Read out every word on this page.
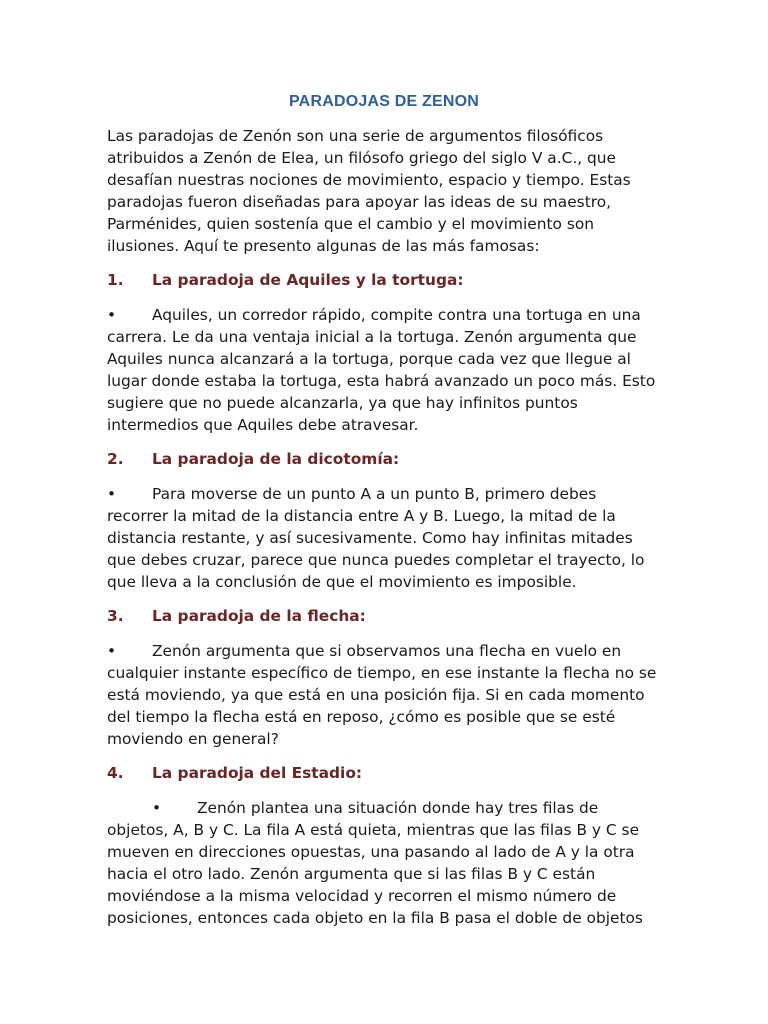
PARADOJAS DE ZENON

Las paradojas de Zenón son una serie de argumentos filosóficos atribuidos a Zenón de Elea, un filósofo griego del siglo V a.C., que desafían nuestras nociones de movimiento, espacio y tiempo. Estas paradojas fueron diseñadas para apoyar las ideas de su maestro, Parménides, quien sostenía que el cambio y el movimiento son ilusiones. Aquí te presento algunas de las más famosas:

1.	La paradoja de Aquiles y la tortuga:

• Aquiles, un corredor rápido, compite contra una tortuga en una carrera. Le da una ventaja inicial a la tortuga. Zenón argumenta que Aquiles nunca alcanzará a la tortuga, porque cada vez que llegue al lugar donde estaba la tortuga, esta habrá avanzado un poco más. Esto sugiere que no puede alcanzarla, ya que hay infinitos puntos intermedios que Aquiles debe atravesar.

2.	La paradoja de la dicotomía:

• Para moverse de un punto A a un punto B, primero debes recorrer la mitad de la distancia entre A y B. Luego, la mitad de la distancia restante, y así sucesivamente. Como hay infinitas mitades que debes cruzar, parece que nunca puedes completar el trayecto, lo que lleva a la conclusión de que el movimiento es imposible.

3.	La paradoja de la flecha:

• Zenón argumenta que si observamos una flecha en vuelo en cualquier instante específico de tiempo, en ese instante la flecha no se está moviendo, ya que está en una posición fija. Si en cada momento del tiempo la flecha está en reposo, ¿cómo es posible que se esté moviendo en general?

4.	La paradoja del Estadio:

• Zenón plantea una situación donde hay tres filas de objetos, A, B y C. La fila A está quieta, mientras que las filas B y C se mueven en direcciones opuestas, una pasando al lado de A y la otra hacia el otro lado. Zenón argumenta que si las filas B y C están moviéndose a la misma velocidad y recorren el mismo número de posiciones, entonces cada objeto en la fila B pasa el doble de objetos
